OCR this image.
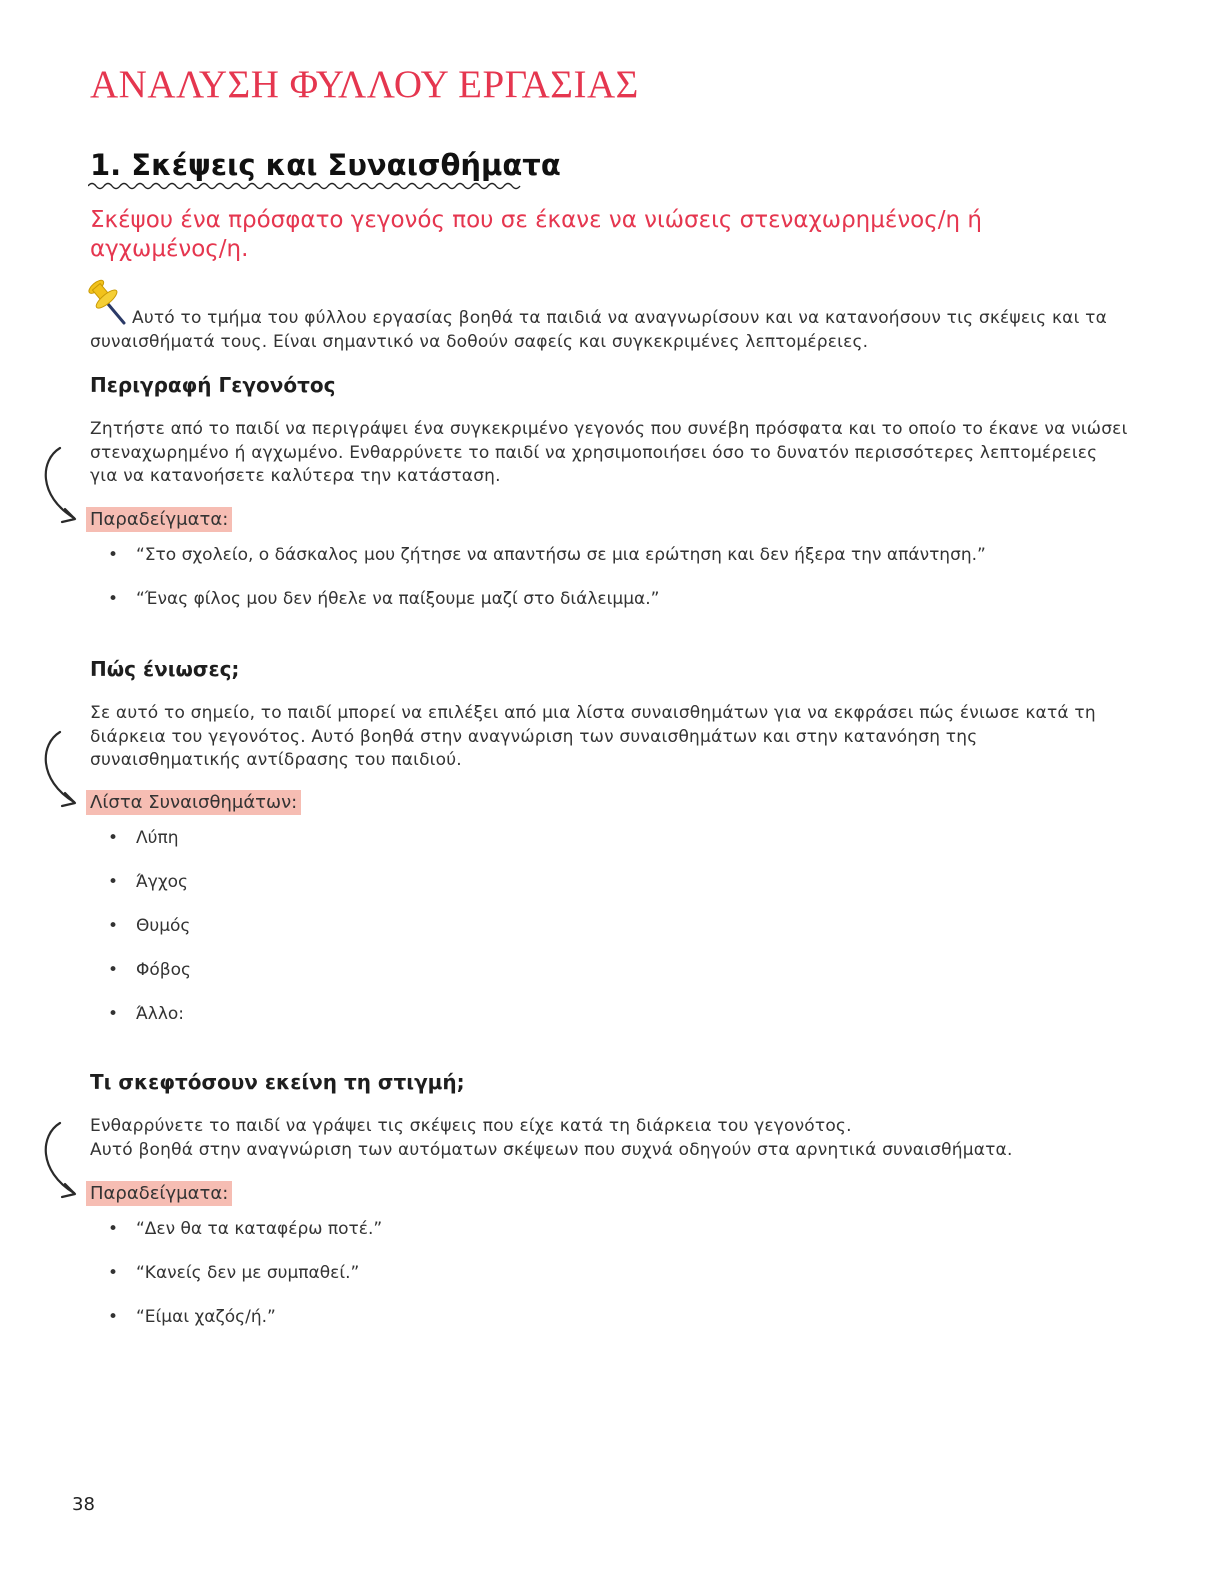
ΑΝΑΛΥΣΗ ΦΥΛΛΟΥ ΕΡΓΑΣΙΑΣ
1. Σκέψεις και Συναισθήματα
Σκέψου ένα πρόσφατο γεγονός που σε έκανε να νιώσεις στεναχωρημένος/η ή αγχωμένος/η.
Αυτό το τμήμα του φύλλου εργασίας βοηθά τα παιδιά να αναγνωρίσουν και να κατανοήσουν τις σκέψεις και τα συναισθήματά τους. Είναι σημαντικό να δοθούν σαφείς και συγκεκριμένες λεπτομέρειες.
Περιγραφή Γεγονότος
Ζητήστε από το παιδί να περιγράψει ένα συγκεκριμένο γεγονός που συνέβη πρόσφατα και το οποίο το έκανε να νιώσει στεναχωρημένο ή αγχωμένο. Ενθαρρύνετε το παιδί να χρησιμοποιήσει όσο το δυνατόν περισσότερες λεπτομέρειες για να κατανοήσετε καλύτερα την κατάσταση.
Παραδείγματα:
• “Στο σχολείο, ο δάσκαλος μου ζήτησε να απαντήσω σε μια ερώτηση και δεν ήξερα την απάντηση.”
• “Ένας φίλος μου δεν ήθελε να παίξουμε μαζί στο διάλειμμα.”
Πώς ένιωσες;
Σε αυτό το σημείο, το παιδί μπορεί να επιλέξει από μια λίστα συναισθημάτων για να εκφράσει πώς ένιωσε κατά τη διάρκεια του γεγονότος. Αυτό βοηθά στην αναγνώριση των συναισθημάτων και στην κατανόηση της συναισθηματικής αντίδρασης του παιδιού.
Λίστα Συναισθημάτων:
• Λύπη
• Άγχος
• Θυμός
• Φόβος
• Άλλο:
Τι σκεφτόσουν εκείνη τη στιγμή;
Ενθαρρύνετε το παιδί να γράψει τις σκέψεις που είχε κατά τη διάρκεια του γεγονότος.
Αυτό βοηθά στην αναγνώριση των αυτόματων σκέψεων που συχνά οδηγούν στα αρνητικά συναισθήματα.
Παραδείγματα:
• “Δεν θα τα καταφέρω ποτέ.”
• “Κανείς δεν με συμπαθεί.”
• “Είμαι χαζός/ή.”
38
